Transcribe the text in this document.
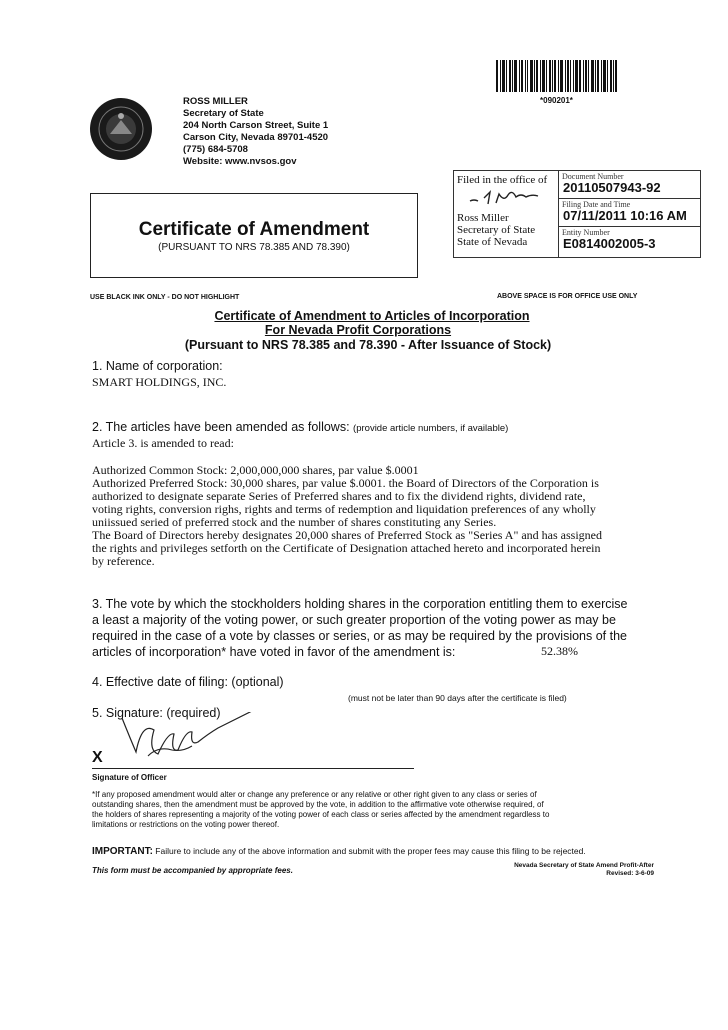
*090201*
ROSS MILLER
Secretary of State
204 North Carson Street, Suite 1
Carson City, Nevada 89701-4520
(775) 684-5708
Website: www.nvsos.gov
Filed in the office of
Ross Miller
Secretary of State
State of Nevada
Document Number
20110507943-92
Filing Date and Time
07/11/2011 10:16 AM
Entity Number
E0814002005-3
Certificate of Amendment
(PURSUANT TO NRS 78.385 AND 78.390)
USE BLACK INK ONLY - DO NOT HIGHLIGHT	ABOVE SPACE IS FOR OFFICE USE ONLY
Certificate of Amendment to Articles of Incorporation
For Nevada Profit Corporations
(Pursuant to NRS 78.385 and 78.390 - After Issuance of Stock)
1. Name of corporation:
SMART HOLDINGS, INC.
2. The articles have been amended as follows: (provide article numbers, if available)
Article 3. is amended to read:
Authorized Common Stock: 2,000,000,000 shares, par value $.0001
Authorized Preferred Stock: 30,000 shares, par value $.0001. the Board of Directors of the Corporation is
authorized to designate separate Series of Preferred shares and to fix the dividend rights, dividend rate,
voting rights, conversion righs, rights and terms of redemption and liquidation preferences of any wholly
uniissued seried of preferred stock and the number of shares constituting any Series.
The Board of Directors hereby designates 20,000 shares of Preferred Stock as "Series A" and has assigned
the rights and privileges setforth on the Certificate of Designation attached hereto and incorporated herein
by reference.
3. The vote by which the stockholders holding shares in the corporation entitling them to exercise
a least a majority of the voting power, or such greater proportion of the voting power as may be
required in the case of a vote by classes or series, or as may be required by the provisions of the
articles of incorporation* have voted in favor of the amendment is:	52.38%
4. Effective date of filing: (optional)
(must not be later than 90 days after the certificate is filed)
5. Signature: (required)
X
Signature of Officer
*If any proposed amendment would alter or change any preference or any relative or other right given to any class or series of
outstanding shares, then the amendment must be approved by the vote, in addition to the affirmative vote otherwise required, of
the holders of shares representing a majority of the voting power of each class or series affected by the amendment regardless to
limitations or restrictions on the voting power thereof.
IMPORTANT: Failure to include any of the above information and submit with the proper fees may cause this filing to be rejected.
This form must be accompanied by appropriate fees.
Nevada Secretary of State Amend Profit-After
Revised: 3-6-09
